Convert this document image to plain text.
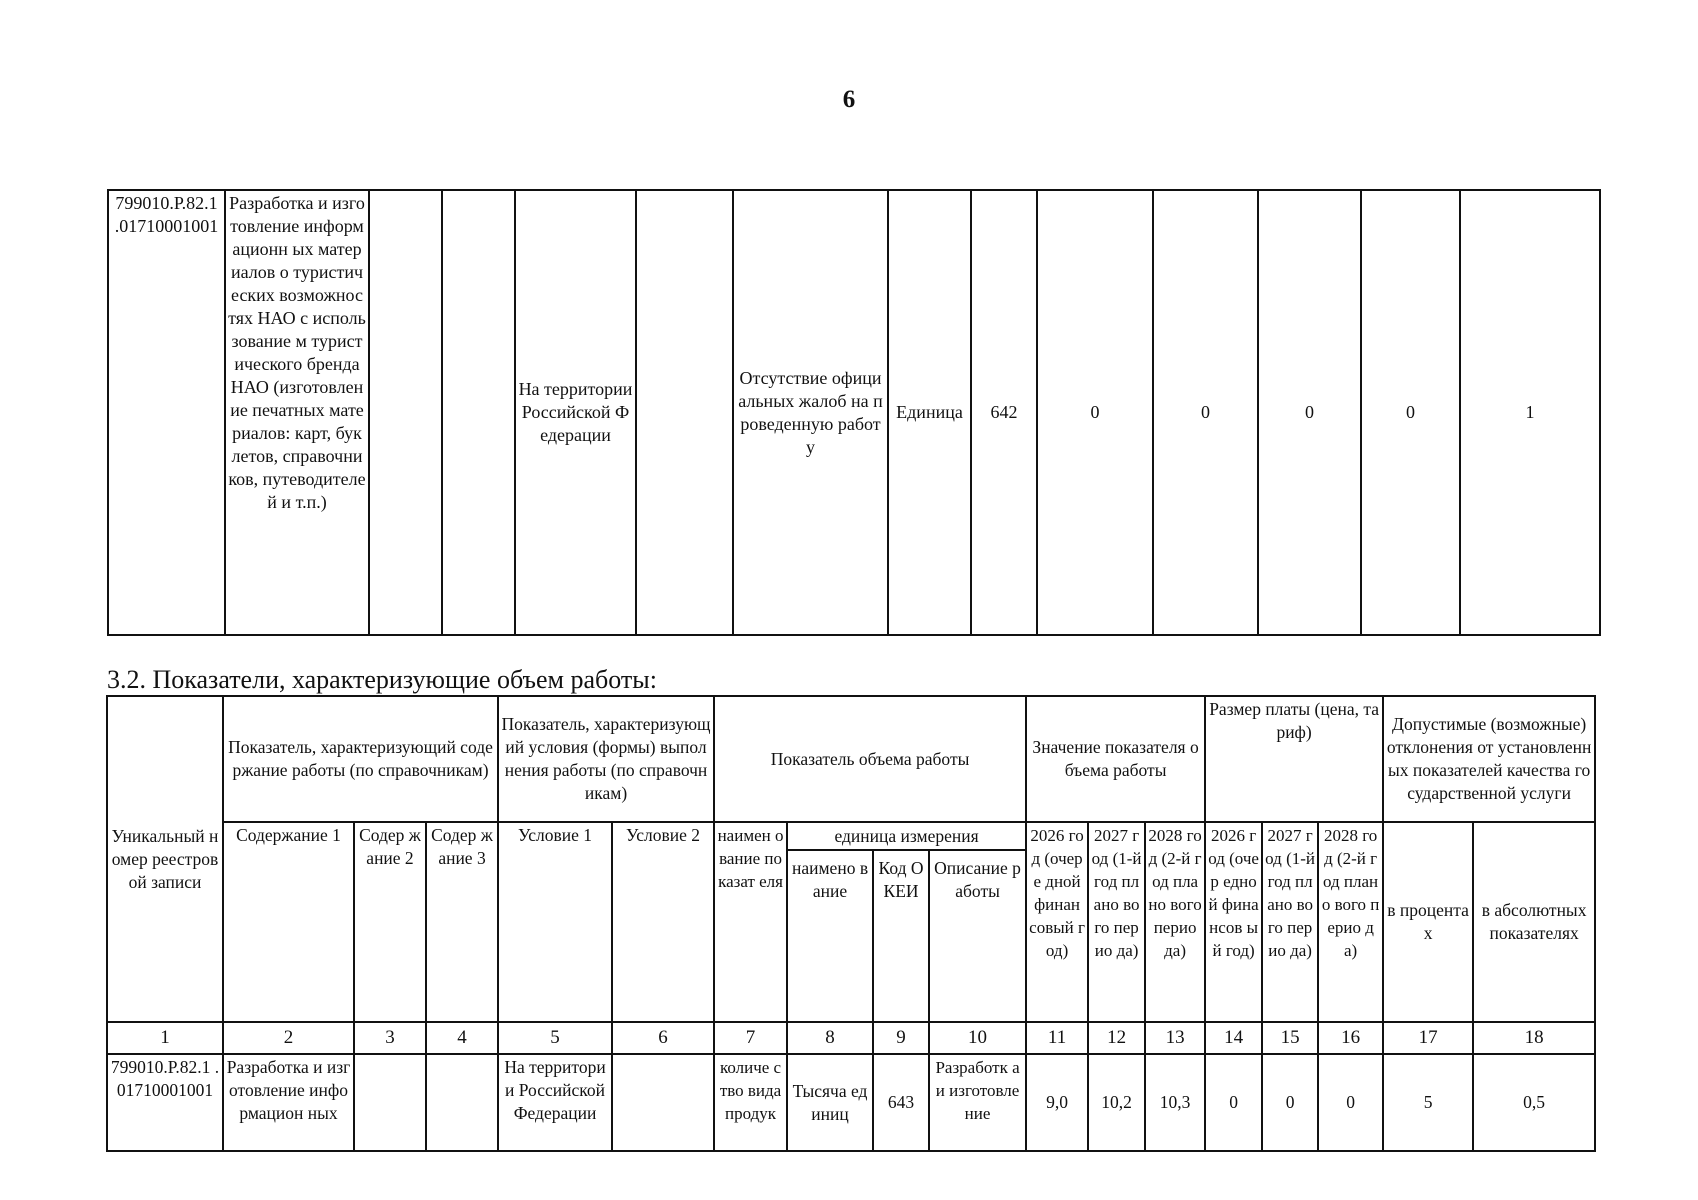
6
799010.Р.82.1 .01710001001	Разработка и изготовление информационн ых материалов о туристических возможностях НАО с использование м туристического бренда НАО (изготовление печатных материалов: карт, буклетов, справочников, путеводителей и т.п.)			На территории Российской Федерации		Отсутствие официальных жалоб на проведенную работу	Единица	642	0	0	0	0	1
3.2. Показатели, характеризующие объем работы:
Уникальный номер реестровой записи	Показатель, характеризующий содержание работы (по справочникам)			Показатель, характеризующий условия (формы) выполнения работы (по справочникам)		Показатель объема работы				Значение показателя объема работы			Размер платы (цена, тариф)			Допустимые (возможные) отклонения от установленных показателей качества государственной услуги	
	Содержание 1	Содер жание 2	Содер жание 3	Условие 1	Условие 2	наимен ование показат еля	единица измерения			2026 год (очере дной финан совый год)	2027 год (1-й год плано вого перио да)	2028 год (2-й год плано вого перио да)	2026 год (очер едной фина нсов ый год)	2027 год (1-й год плано вого перио да)	2028 год (2-й год плано вого перио да)	в процентах	в абсолютных показателях
							наимено вание	Код ОКЕИ	Описание работы								
1	2	3	4	5	6	7	8	9	10	11	12	13	14	15	16	17	18
799010.Р.82.1 .01710001001	Разработка и изготовление информацион ных			На территории Российской Федерации		количе ство вида продук	Тысяча единиц	643	Разработк а и изготовле ние	9,0	10,2	10,3	0	0	0	5	0,5
